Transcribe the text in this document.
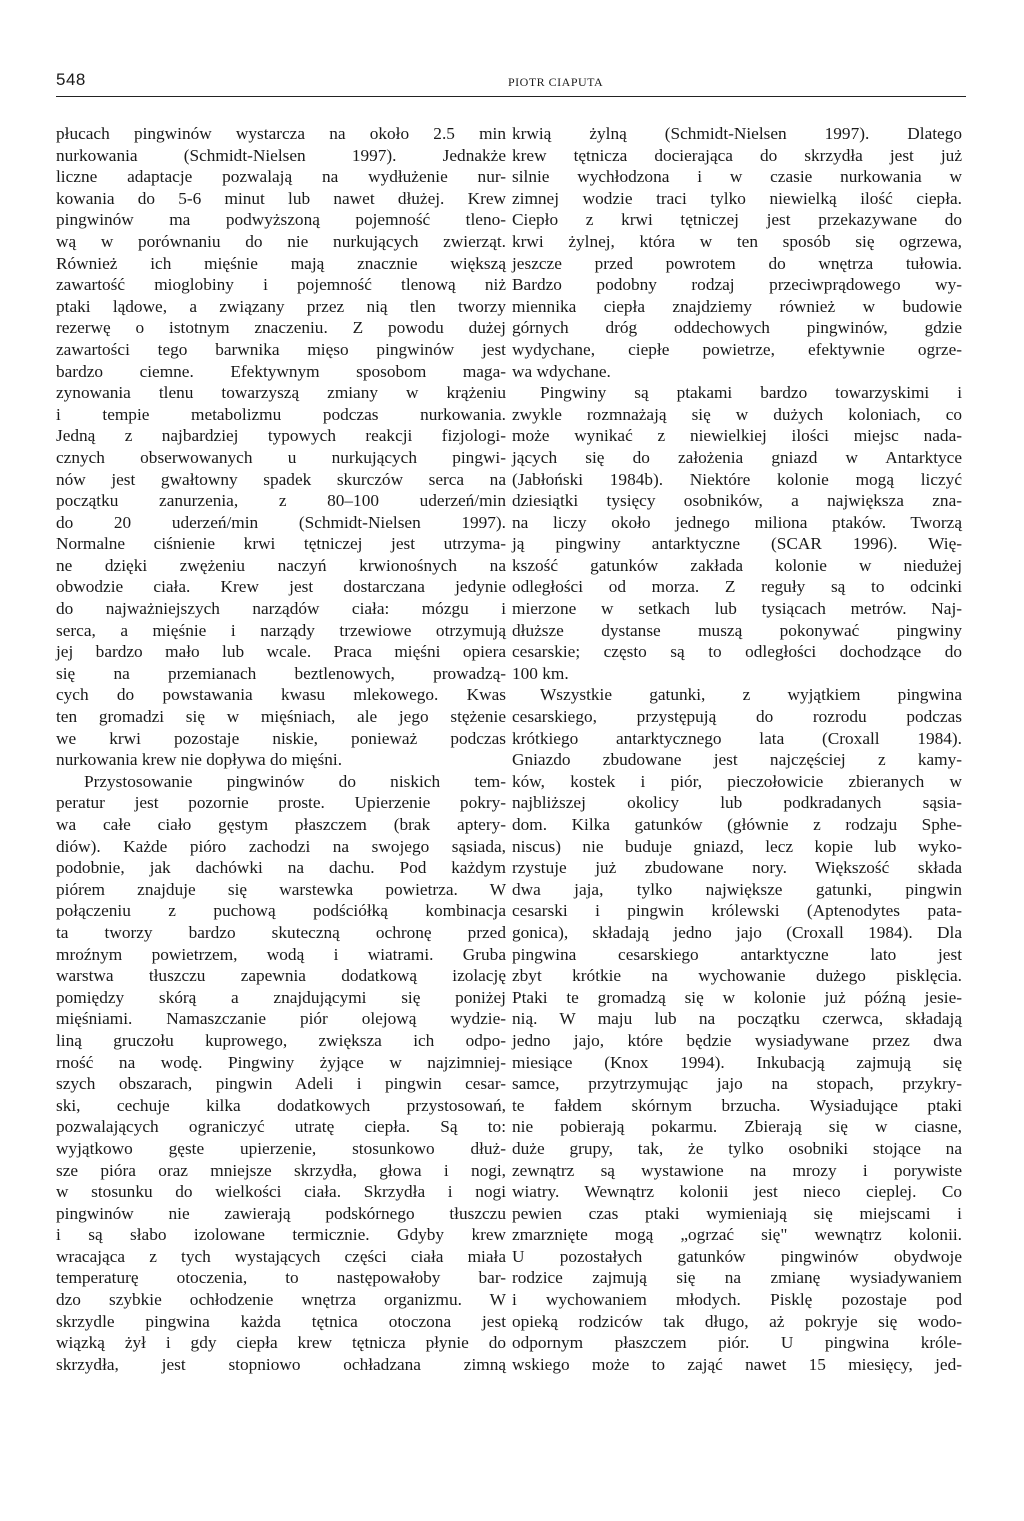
548	PIOTR CIAPUTA
płucach pingwinów wystarcza na około 2.5 min
nurkowania (Schmidt-Nielsen 1997). Jednakże
liczne adaptacje pozwalają na wydłużenie nur-
kowania do 5-6 minut lub nawet dłużej. Krew
pingwinów ma podwyższoną pojemność tleno-
wą w porównaniu do nie nurkujących zwierząt.
Również ich mięśnie mają znacznie większą
zawartość mioglobiny i pojemność tlenową niż
ptaki lądowe, a związany przez nią tlen tworzy
rezerwę o istotnym znaczeniu. Z powodu dużej
zawartości tego barwnika mięso pingwinów jest
bardzo ciemne. Efektywnym sposobom maga-
zynowania tlenu towarzyszą zmiany w krążeniu
i tempie metabolizmu podczas nurkowania.
Jedną z najbardziej typowych reakcji fizjologi-
cznych obserwowanych u nurkujących pingwi-
nów jest gwałtowny spadek skurczów serca na
początku zanurzenia, z 80–100 uderzeń/min
do 20 uderzeń/min (Schmidt-Nielsen 1997).
Normalne ciśnienie krwi tętniczej jest utrzyma-
ne dzięki zwężeniu naczyń krwionośnych na
obwodzie ciała. Krew jest dostarczana jedynie
do najważniejszych narządów ciała: mózgu i
serca, a mięśnie i narządy trzewiowe otrzymują
jej bardzo mało lub wcale. Praca mięśni opiera
się na przemianach beztlenowych, prowadzą-
cych do powstawania kwasu mlekowego. Kwas
ten gromadzi się w mięśniach, ale jego stężenie
we krwi pozostaje niskie, ponieważ podczas
nurkowania krew nie dopływa do mięśni.
Przystosowanie pingwinów do niskich tem-
peratur jest pozornie proste. Upierzenie pokry-
wa całe ciało gęstym płaszczem (brak aptery-
diów). Każde pióro zachodzi na swojego sąsiada,
podobnie, jak dachówki na dachu. Pod każdym
piórem znajduje się warstewka powietrza. W
połączeniu z puchową podściółką kombinacja
ta tworzy bardzo skuteczną ochronę przed
mroźnym powietrzem, wodą i wiatrami. Gruba
warstwa tłuszczu zapewnia dodatkową izolację
pomiędzy skórą a znajdującymi się poniżej
mięśniami. Namaszczanie piór olejową wydzie-
liną gruczołu kuprowego, zwiększa ich odpo-
rność na wodę. Pingwiny żyjące w najzimniej-
szych obszarach, pingwin Adeli i pingwin cesar-
ski, cechuje kilka dodatkowych przystosowań,
pozwalających ograniczyć utratę ciepła. Są to:
wyjątkowo gęste upierzenie, stosunkowo dłuż-
sze pióra oraz mniejsze skrzydła, głowa i nogi,
w stosunku do wielkości ciała. Skrzydła i nogi
pingwinów nie zawierają podskórnego tłuszczu
i są słabo izolowane termicznie. Gdyby krew
wracająca z tych wystających części ciała miała
temperaturę otoczenia, to następowałoby bar-
dzo szybkie ochłodzenie wnętrza organizmu. W
skrzydle pingwina każda tętnica otoczona jest
wiązką żył i gdy ciepła krew tętnicza płynie do
skrzydła, jest stopniowo ochładzana zimną
krwią żylną (Schmidt-Nielsen 1997). Dlatego
krew tętnicza docierająca do skrzydła jest już
silnie wychłodzona i w czasie nurkowania w
zimnej wodzie traci tylko niewielką ilość ciepła.
Ciepło z krwi tętniczej jest przekazywane do
krwi żylnej, która w ten sposób się ogrzewa,
jeszcze przed powrotem do wnętrza tułowia.
Bardzo podobny rodzaj przeciwprądowego wy-
miennika ciepła znajdziemy również w budowie
górnych dróg oddechowych pingwinów, gdzie
wydychane, ciepłe powietrze, efektywnie ogrze-
wa wdychane.
Pingwiny są ptakami bardzo towarzyskimi i
zwykle rozmnażają się w dużych koloniach, co
może wynikać z niewielkiej ilości miejsc nada-
jących się do założenia gniazd w Antarktyce
(Jabłoński 1984b). Niektóre kolonie mogą liczyć
dziesiątki tysięcy osobników, a największa zna-
na liczy około jednego miliona ptaków. Tworzą
ją pingwiny antarktyczne (SCAR 1996). Wię-
kszość gatunków zakłada kolonie w niedużej
odległości od morza. Z reguły są to odcinki
mierzone w setkach lub tysiącach metrów. Naj-
dłuższe dystanse muszą pokonywać pingwiny
cesarskie; często są to odległości dochodzące do
100 km.
Wszystkie gatunki, z wyjątkiem pingwina
cesarskiego, przystępują do rozrodu podczas
krótkiego antarktycznego lata (Croxall 1984).
Gniazdo zbudowane jest najczęściej z kamy-
ków, kostek i piór, pieczołowicie zbieranych w
najbliższej okolicy lub podkradanych sąsia-
dom. Kilka gatunków (głównie z rodzaju Sphe-
niscus) nie buduje gniazd, lecz kopie lub wyko-
rzystuje już zbudowane nory. Większość składa
dwa jaja, tylko największe gatunki, pingwin
cesarski i pingwin królewski (Aptenodytes pata-
gonica), składają jedno jajo (Croxall 1984). Dla
pingwina cesarskiego antarktyczne lato jest
zbyt krótkie na wychowanie dużego pisklęcia.
Ptaki te gromadzą się w kolonie już późną jesie-
nią. W maju lub na początku czerwca, składają
jedno jajo, które będzie wysiadywane przez dwa
miesiące (Knox 1994). Inkubacją zajmują się
samce, przytrzymując jajo na stopach, przykry-
te fałdem skórnym brzucha. Wysiadujące ptaki
nie pobierają pokarmu. Zbierają się w ciasne,
duże grupy, tak, że tylko osobniki stojące na
zewnątrz są wystawione na mrozy i porywiste
wiatry. Wewnątrz kolonii jest nieco cieplej. Co
pewien czas ptaki wymieniają się miejscami i
zmarznięte mogą „ogrzać się" wewnątrz kolonii.
U pozostałych gatunków pingwinów obydwoje
rodzice zajmują się na zmianę wysiadywaniem
i wychowaniem młodych. Pisklę pozostaje pod
opieką rodziców tak długo, aż pokryje się wodo-
odpornym płaszczem piór. U pingwina króle-
wskiego może to zająć nawet 15 miesięcy, jed-
